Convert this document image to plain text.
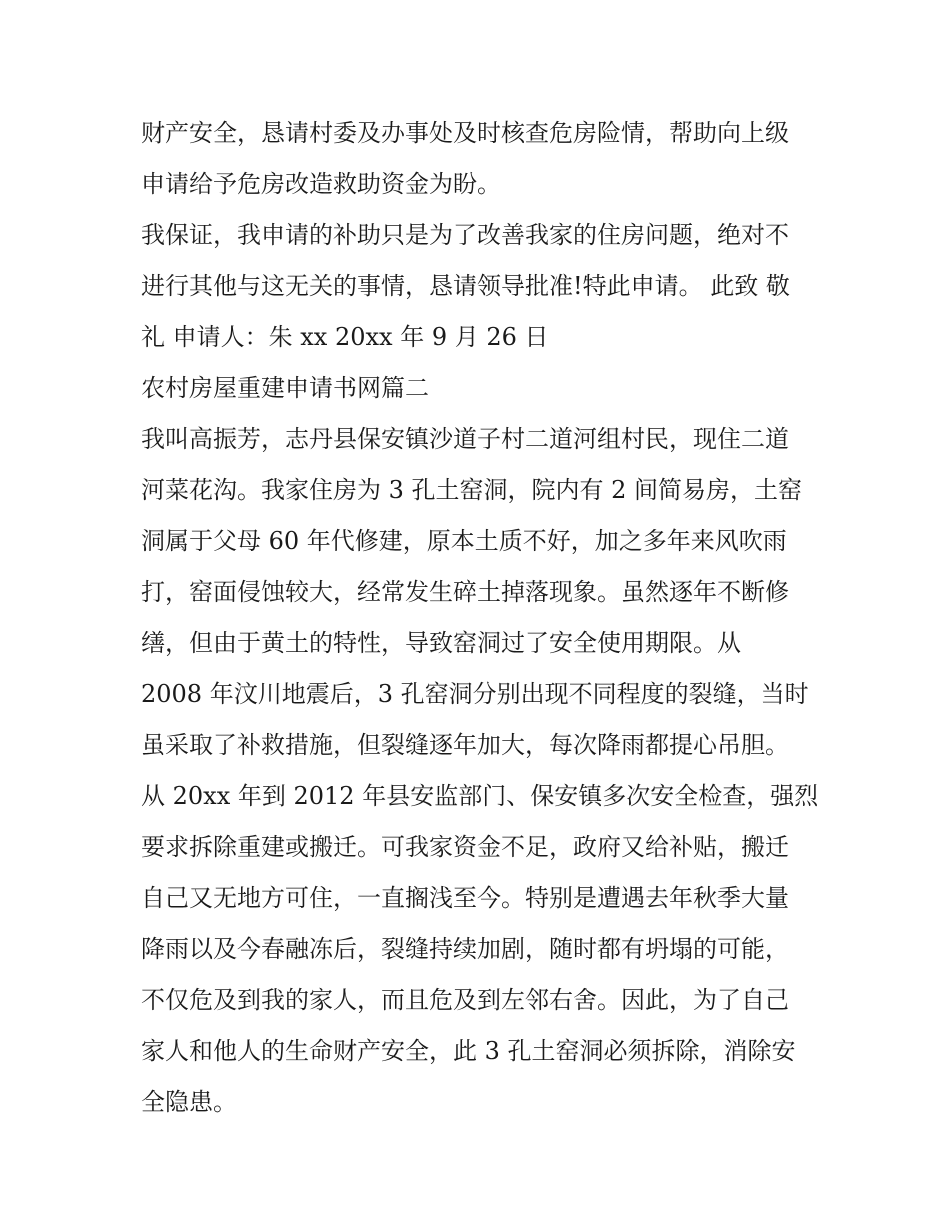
财产安全，恳请村委及办事处及时核查危房险情，帮助向上级

申请给予危房改造救助资金为盼。

我保证，我申请的补助只是为了改善我家的住房问题，绝对不

进行其他与这无关的事情，恳请领导批准!特此申请。 此致 敬

礼 申请人：朱 xx 20xx 年 9 月 26 日

农村房屋重建申请书网篇二

我叫高振芳，志丹县保安镇沙道子村二道河组村民，现住二道

河菜花沟。我家住房为 3 孔土窑洞，院内有 2 间简易房，土窑

洞属于父母 60 年代修建，原本土质不好，加之多年来风吹雨

打，窑面侵蚀较大，经常发生碎土掉落现象。虽然逐年不断修

缮，但由于黄土的特性，导致窑洞过了安全使用期限。从

2008 年汶川地震后，3 孔窑洞分别出现不同程度的裂缝，当时

虽采取了补救措施，但裂缝逐年加大，每次降雨都提心吊胆。

从 20xx 年到 2012 年县安监部门、保安镇多次安全检查，强烈

要求拆除重建或搬迁。可我家资金不足，政府又给补贴，搬迁

自己又无地方可住，一直搁浅至今。特别是遭遇去年秋季大量

降雨以及今春融冻后，裂缝持续加剧，随时都有坍塌的可能，

不仅危及到我的家人，而且危及到左邻右舍。因此，为了自己

家人和他人的生命财产安全，此 3 孔土窑洞必须拆除，消除安

全隐患。
